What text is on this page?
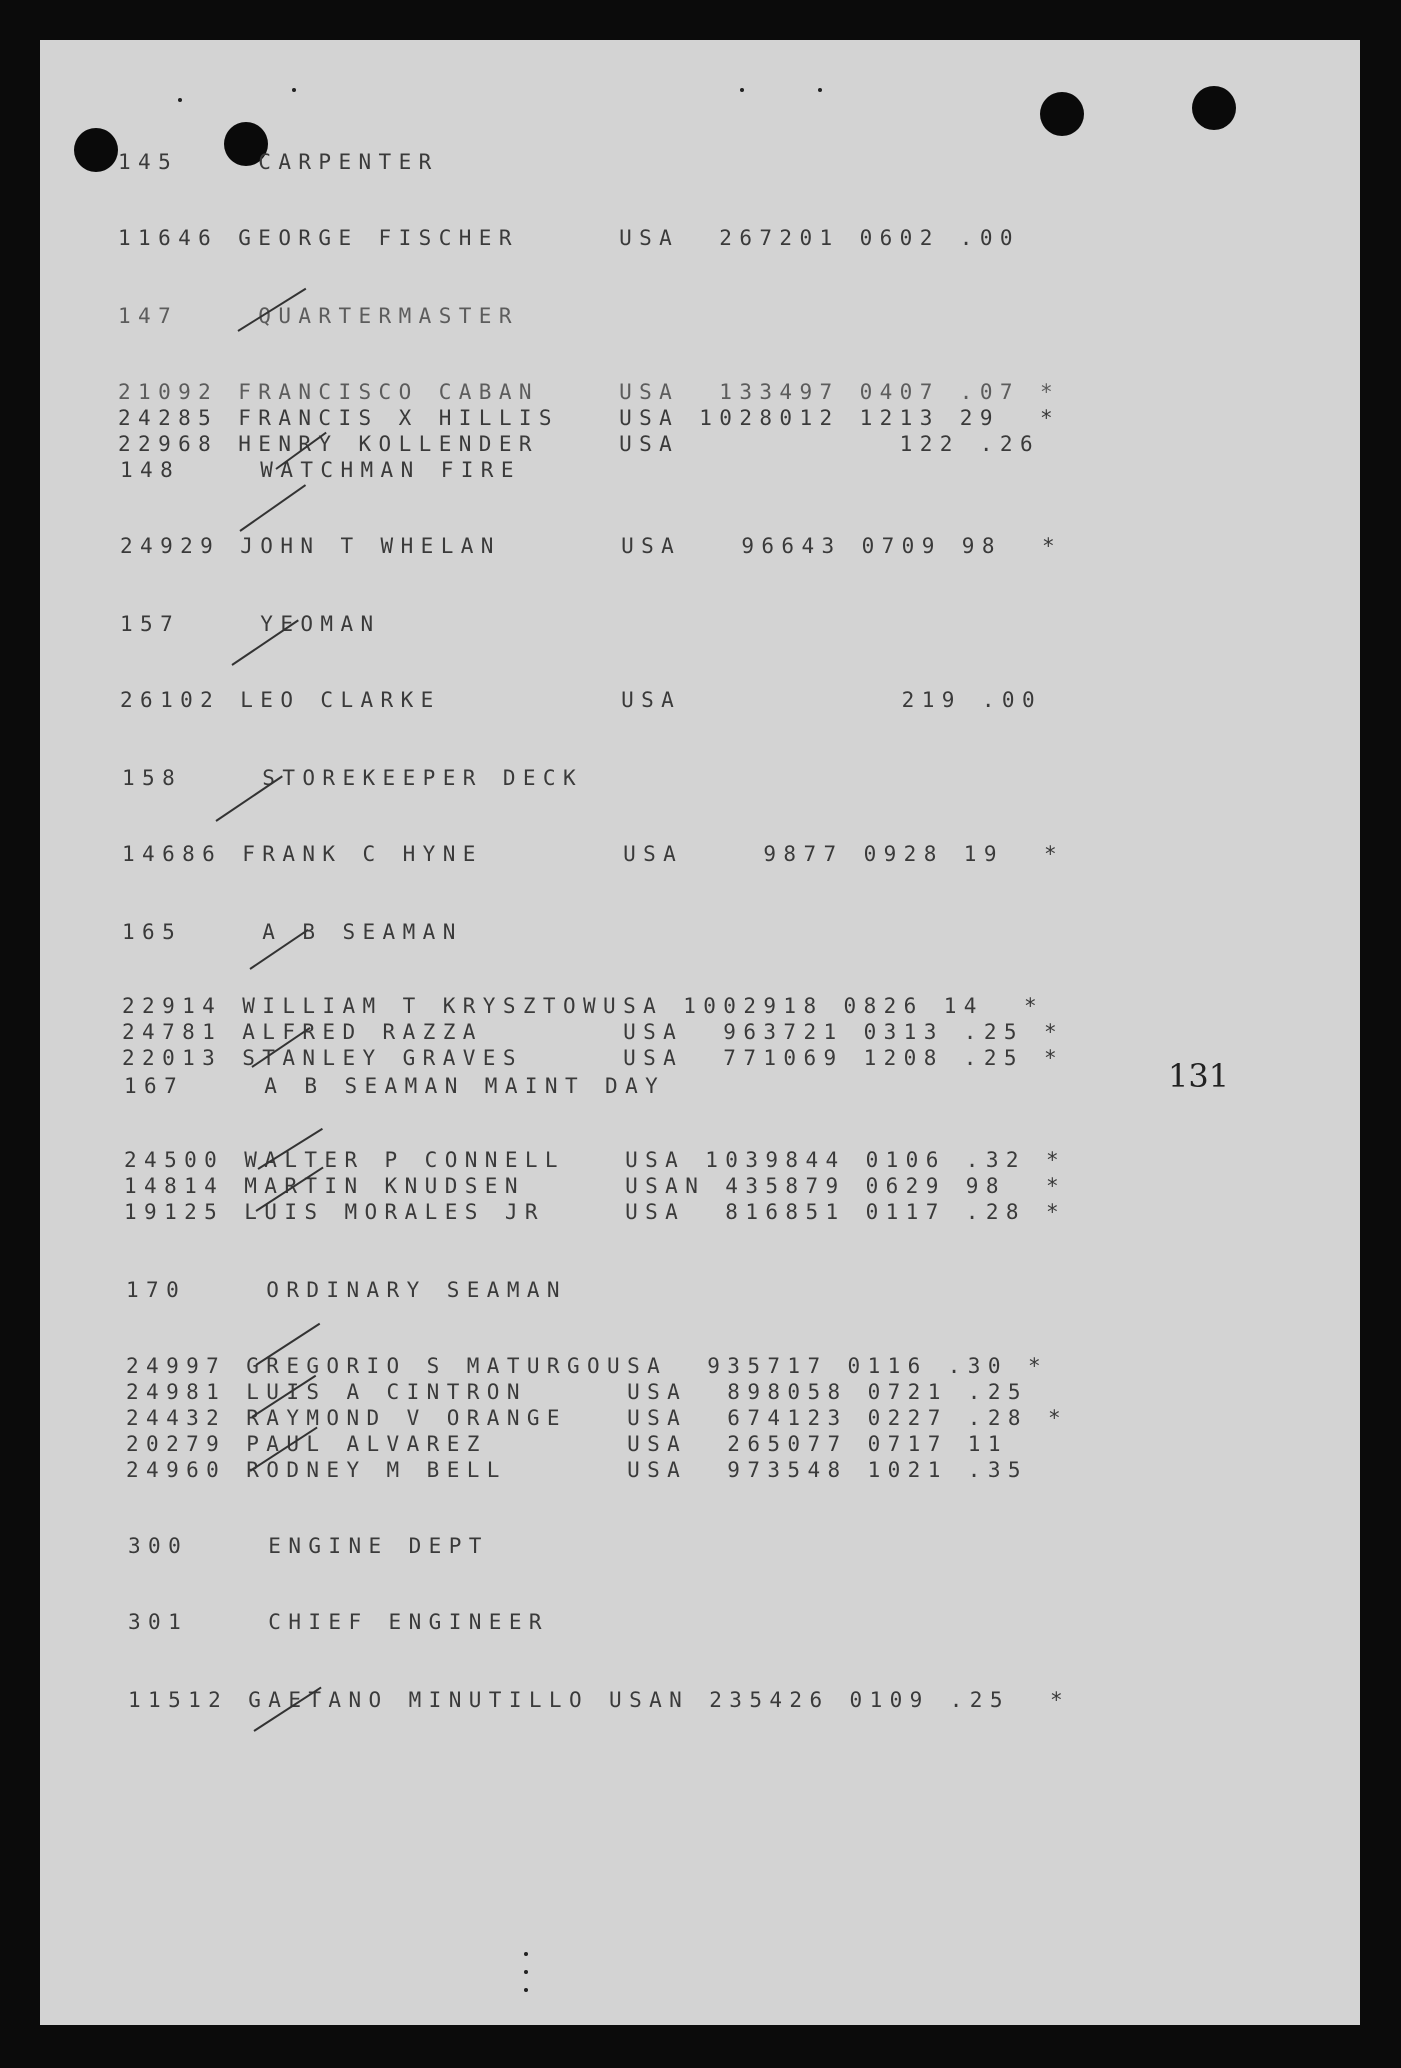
145    CARPENTER

11646 GEORGE FISCHER     USA  267201 0602 .00

147    QUARTERMASTER

21092 FRANCISCO CABAN    USA  133497 0407 .07 *

24285 FRANCIS X HILLIS   USA 1028012 1213 29  *

22968 HENRY KOLLENDER    USA           122 .26

148    WATCHMAN FIRE

24929 JOHN T WHELAN      USA   96643 0709 98  *

157    YEOMAN

26102 LEO CLARKE         USA           219 .00

158    STOREKEEPER DECK

14686 FRANK C HYNE       USA    9877 0928 19  *

165    A B SEAMAN

22914 WILLIAM T KRYSZTOWUSA 1002918 0826 14  *

24781 ALFRED RAZZA       USA  963721 0313 .25 *

22013 STANLEY GRAVES     USA  771069 1208 .25 *

167    A B SEAMAN MAINT DAY

24500 WALTER P CONNELL   USA 1039844 0106 .32 *

14814 MARTIN KNUDSEN     USAN 435879 0629 98  *

19125 LUIS MORALES JR    USA  816851 0117 .28 *

170    ORDINARY SEAMAN

24997 GREGORIO S MATURGOUSA  935717 0116 .30 *

24981 LUIS A CINTRON     USA  898058 0721 .25

24432 RAYMOND V ORANGE   USA  674123 0227 .28 *

20279 PAUL ALVAREZ       USA  265077 0717 11

24960 RODNEY M BELL      USA  973548 1021 .35

300    ENGINE DEPT

301    CHIEF ENGINEER

11512 GAETANO MINUTILLO USAN 235426 0109 .25  *

131
